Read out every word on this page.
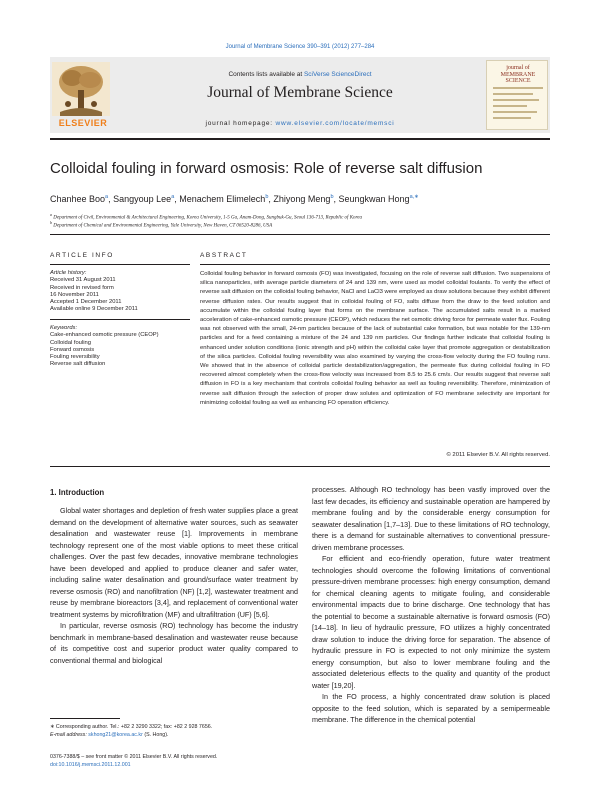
Journal of Membrane Science 390–391 (2012) 277–284
ELSEVIER
Contents lists available at SciVerse ScienceDirect
Journal of Membrane Science
journal homepage: www.elsevier.com/locate/memsci
journal of MEMBRANE SCIENCE
Colloidal fouling in forward osmosis: Role of reverse salt diffusion
Chanhee Boo$^a$, Sangyoup Lee$^a$, Menachem Elimelech$^b$, Zhiyong Meng$^b$, Seungkwan Hong$^{a,∗}$
$^a$ Department of Civil, Environmental & Architectural Engineering, Korea University, 1-5 Ga, Anam-Dong, Sungbuk-Gu, Seoul 136-713, Republic of Korea
$^b$ Department of Chemical and Environmental Engineering, Yale University, New Haven, CT 06520-8286, USA
ARTICLE INFO
Article history:
Received 31 August 2011
Received in revised form
16 November 2011
Accepted 1 December 2011
Available online 9 December 2011
Keywords:
Cake-enhanced osmotic pressure (CEOP)
Colloidal fouling
Forward osmosis
Fouling reversibility
Reverse salt diffusion
ABSTRACT
Colloidal fouling behavior in forward osmosis (FO) was investigated, focusing on the role of reverse salt diffusion. Two suspensions of silica nanoparticles, with average particle diameters of 24 and 139 nm, were used as model colloidal foulants. To verify the effect of reverse salt diffusion on the colloidal fouling behavior, NaCl and LaCl3 were employed as draw solutions because they exhibit different reverse diffusion rates. Our results suggest that in colloidal fouling of FO, salts diffuse from the draw to the feed solution and accumulate within the colloidal fouling layer that forms on the membrane surface. The accumulated salts result in a marked acceleration of cake-enhanced osmotic pressure (CEOP), which reduces the net osmotic driving force for permeate water flux. Fouling was not observed with the small, 24-nm particles because of the lack of substantial cake formation, but was notable for the 139-nm particles and for a feed containing a mixture of the 24 and 139 nm particles. Our findings further indicate that colloidal fouling is enhanced under solution conditions (ionic strength and pH) within the colloidal cake layer that promote aggregation or destabilization of the silica particles. Colloidal fouling reversibility was also examined by varying the cross-flow velocity during the FO fouling runs. We showed that in the absence of colloidal particle destabilization/aggregation, the permeate flux during colloidal fouling in FO recovered almost completely when the cross-flow velocity was increased from 8.5 to 25.6 cm/s. Our results suggest that reverse salt diffusion in FO is a key mechanism that controls colloidal fouling behavior as well as fouling reversibility. Therefore, minimization of reverse salt diffusion through the selection of proper draw solutes and optimization of FO membrane selectivity are important for minimizing colloidal fouling as well as enhancing FO operation efficiency.
© 2011 Elsevier B.V. All rights reserved.
1. Introduction

Global water shortages and depletion of fresh water supplies place a great demand on the development of alternative water sources, such as seawater desalination and wastewater reuse [1]. Improvements in membrane technology represent one of the most viable options to meet these critical challenges. Over the past few decades, innovative membrane technologies have been developed and applied to produce cleaner and safer water, including saline water desalination and ground/surface water treatment by reverse osmosis (RO) and nanofiltration (NF) [1,2], wastewater treatment and reuse by membrane bioreactors [3,4], and replacement of conventional water treatment systems by microfiltration (MF) and ultrafiltration (UF) [5,6].

In particular, reverse osmosis (RO) technology has become the industry benchmark in membrane-based desalination and wastewater reuse because of its competitive cost and superior product water quality compared to conventional thermal and biological

processes. Although RO technology has been vastly improved over the last few decades, its efficiency and sustainable operation are hampered by membrane fouling and by the considerable energy consumption for seawater desalination [1,7–13]. Due to these limitations of RO technology, there is a demand for sustainable alternatives to conventional pressure-driven membrane processes.

For efficient and eco-friendly operation, future water treatment technologies should overcome the following limitations of conventional pressure-driven membrane processes: high energy consumption, demand for chemical cleaning agents to mitigate fouling, and considerable environmental impacts due to brine discharge. One technology that has the potential to become a sustainable alternative is forward osmosis (FO) [14–18]. In lieu of hydraulic pressure, FO utilizes a highly concentrated draw solution to induce the driving force for separation. The absence of hydraulic pressure in FO is expected to not only minimize the system energy consumption, but also to lower membrane fouling and the associated deleterious effects to the quality and quantity of the product water [19,20].

In the FO process, a highly concentrated draw solution is placed opposite to the feed solution, which is separated by a semipermeable membrane. The difference in the chemical potential

∗ Corresponding author. Tel.: +82 2 3290 3322; fax: +82 2 928 7656.
E-mail address: skhong21@korea.ac.kr (S. Hong).
0376-7388/$ – see front matter © 2011 Elsevier B.V. All rights reserved.
doi:10.1016/j.memsci.2011.12.001
